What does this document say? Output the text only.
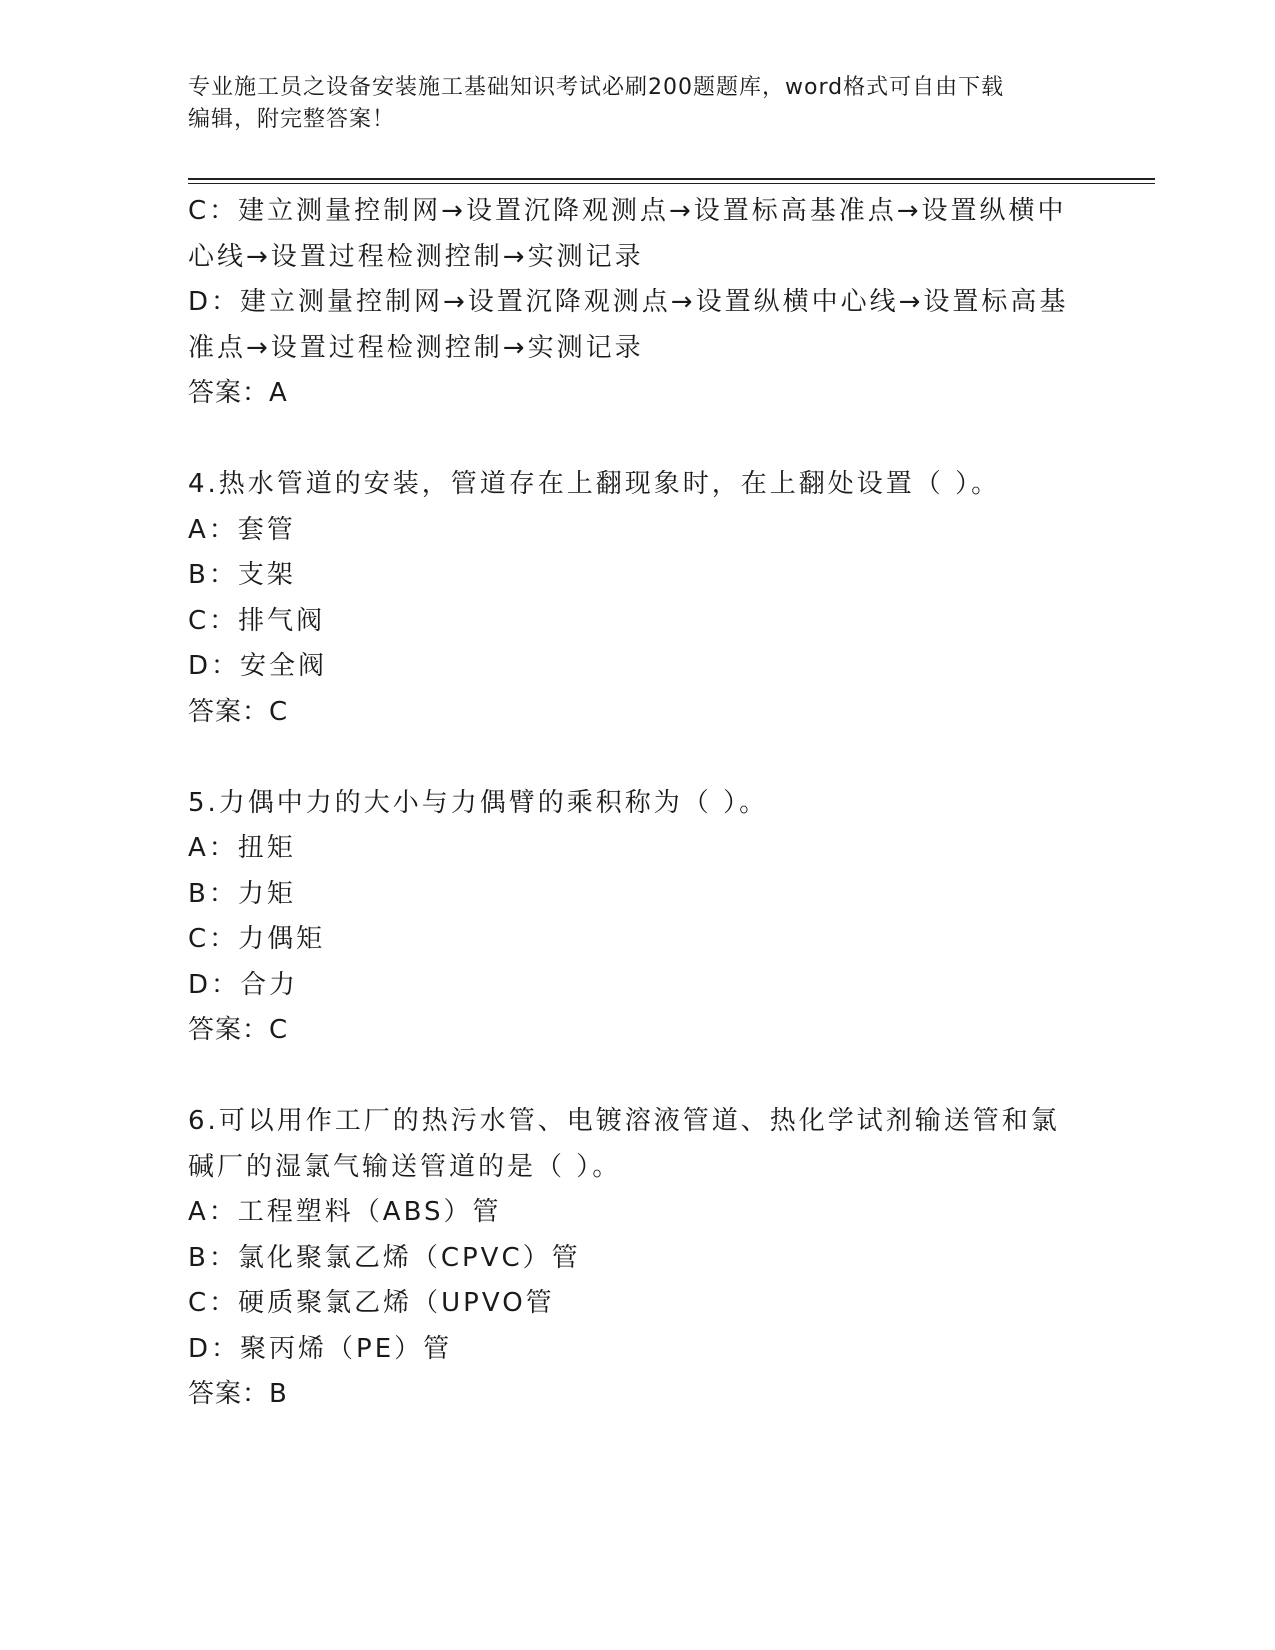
专业施工员之设备安装施工基础知识考试必刷200题题库，word格式可自由下载
编辑，附完整答案！
C：建立测量控制网→设置沉降观测点→设置标高基准点→设置纵横中
心线→设置过程检测控制→实测记录
D：建立测量控制网→设置沉降观测点→设置纵横中心线→设置标高基
准点→设置过程检测控制→实测记录
答案：A
4.热水管道的安装，管道存在上翻现象时，在上翻处设置（ ）。
A：套管
B：支架
C：排气阀
D：安全阀
答案：C
5.力偶中力的大小与力偶臂的乘积称为（ ）。
A：扭矩
B：力矩
C：力偶矩
D：合力
答案：C
6.可以用作工厂的热污水管、电镀溶液管道、热化学试剂输送管和氯
碱厂的湿氯气输送管道的是（ ）。
A：工程塑料（ABS）管
B：氯化聚氯乙烯（CPVC）管
C：硬质聚氯乙烯（UPVO管
D：聚丙烯（PE）管
答案：B
